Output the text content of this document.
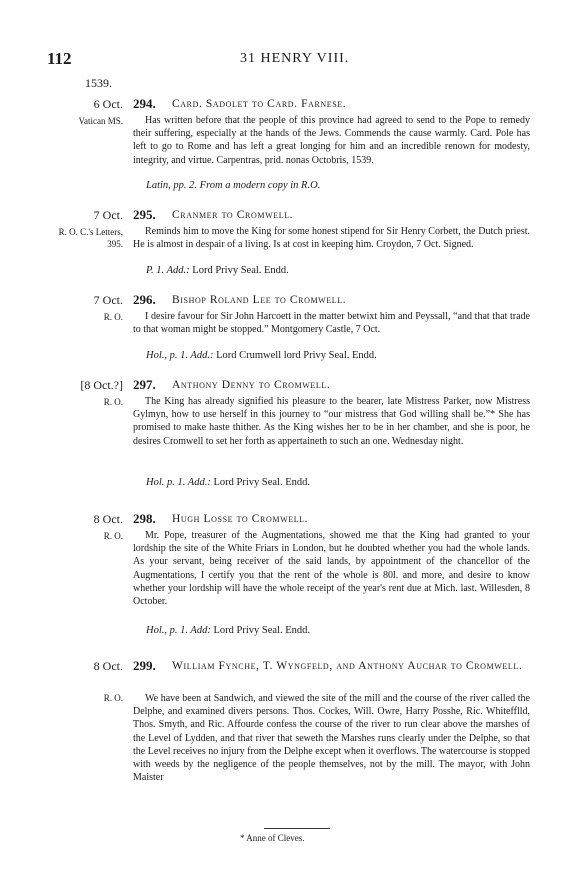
112	31 HENRY VIII.
1539.
6 Oct.
Vatican MS.
294. Card. Sadolet to Card. Farnese.
Has written before that the people of this province had agreed to send to the Pope to remedy their suffering, especially at the hands of the Jews. Commends the cause warmly. Card. Pole has left to go to Rome and has left a great longing for him and an incredible renown for modesty, integrity, and virtue. Carpentras, prid. nonas Octobris, 1539.
Latin, pp. 2. From a modern copy in R.O.
7 Oct.
R. O. C.'s Letters, 395.
295. Cranmer to Cromwell.
Reminds him to move the King for some honest stipend for Sir Henry Corbett, the Dutch priest. He is almost in despair of a living. Is at cost in keeping him. Croydon, 7 Oct. Signed.
P. 1. Add.: Lord Privy Seal. Endd.
7 Oct.
R. O.
296. Bishop Roland Lee to Cromwell.
I desire favour for Sir John Harcoett in the matter betwixt him and Peyssall, “and that that trade to that woman might be stopped.” Montgomery Castle, 7 Oct.
Hol., p. 1. Add.: Lord Crumwell lord Privy Seal. Endd.
[8 Oct.?]
R. O.
297. Anthony Denny to Cromwell.
The King has already signified his pleasure to the bearer, late Mistress Parker, now Mistress Gylmyn, how to use herself in this journey to “our mistress that God willing shall be.”* She has promised to make haste thither. As the King wishes her to be in her chamber, and she is poor, he desires Cromwell to set her forth as appertaineth to such an one. Wednesday night.
Hol. p. 1. Add.: Lord Privy Seal. Endd.
8 Oct.
R. O.
298. Hugh Losse to Cromwell.
Mr. Pope, treasurer of the Augmentations, showed me that the King had granted to your lordship the site of the White Friars in London, but he doubted whether you had the whole lands. As your servant, being receiver of the said lands, by appointment of the chancellor of the Augmentations, I certify you that the rent of the whole is 80l. and more, and desire to know whether your lordship will have the whole receipt of the year's rent due at Mich. last. Willesden, 8 October.
Hol., p. 1. Add: Lord Privy Seal. Endd.
8 Oct.
R. O.
299. William Fynche, T. Wyngfeld, and Anthony Auchar to Cromwell.
We have been at Sandwich, and viewed the site of the mill and the course of the river called the Delphe, and examined divers persons. Thos. Cockes, Will. Owre, Harry Posshe, Ric. Whitefflld, Thos. Smyth, and Ric. Affourde confess the course of the river to run clear above the marshes of the Level of Lydden, and that river that seweth the Marshes runs clearly under the Delphe, so that the Level receives no injury from the Delphe except when it overflows. The watercourse is stopped with weeds by the negligence of the people themselves, not by the mill. The mayor, with John Maister
* Anne of Cleves.
